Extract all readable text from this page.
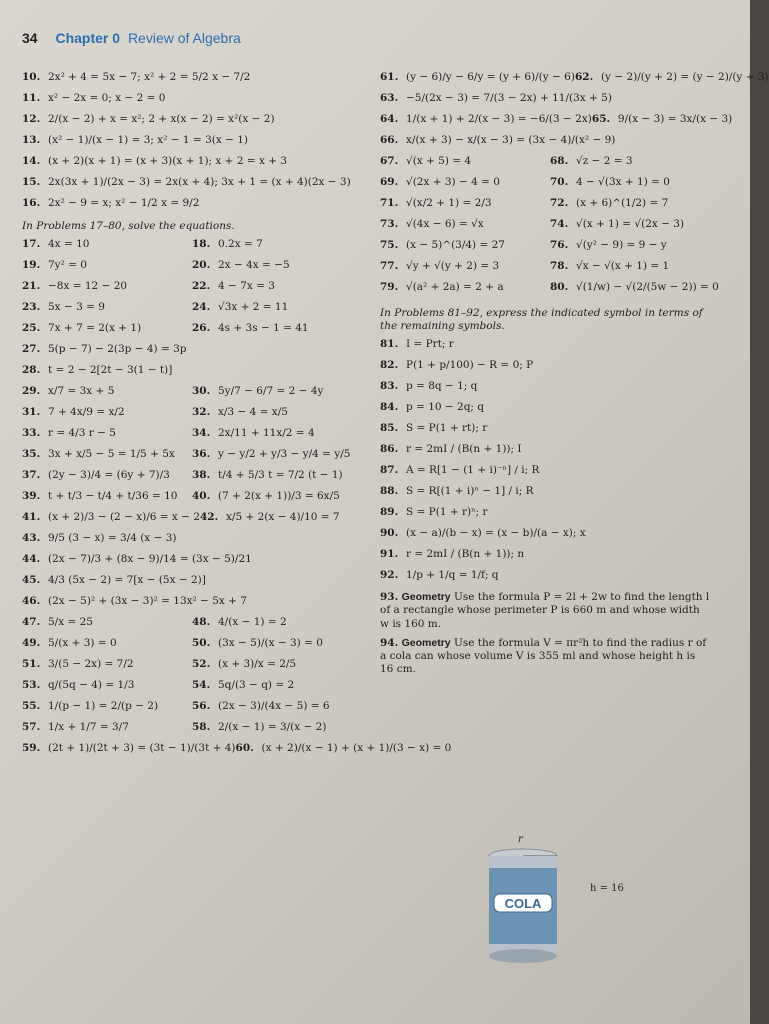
34 Chapter 0 Review of Algebra
10. 2x² + 4 = 5x − 7; x² + 2 = 5/2 x − 7/2
11. x² − 2x = 0; x − 2 = 0
12. 2/(x − 2) + x = x²; 2 + x(x − 2) = x²(x − 2)
13. (x² − 1)/(x − 1) = 3; x² − 1 = 3(x − 1)
14. (x + 2)(x + 1) = (x + 3)(x + 1); x + 2 = x + 3
15. 2x(3x + 1)/(2x − 3) = 2x(x + 4); 3x + 1 = (x + 4)(2x − 3)
16. 2x² − 9 = x; x² − 1/2 x = 9/2
In Problems 17–80, solve the equations.
17. 4x = 10	18. 0.2x = 7
19. 7y² = 0	20. 2x − 4x = −5
21. −8x = 12 − 20	22. 4 − 7x = 3
23. 5x − 3 = 9	24. √3x + 2 = 11
25. 7x + 7 = 2(x + 1)	26. 4s + 3s − 1 = 41
27. 5(p − 7) − 2(3p − 4) = 3p
28. t = 2 − 2[2t − 3(1 − t)]
29. x/7 = 3x + 5	30. 5y/7 − 6/7 = 2 − 4y
31. 7 + 4x/9 = x/2	32. x/3 − 4 = x/5
33. r = 4/3 r − 5	34. 2x/11 + 11x/2 = 4
35. 3x + x/5 − 5 = 1/5 + 5x 36. y − y/2 + y/3 − y/4 = y/5
37. (2y − 3)/4 = (6y + 7)/3 38. t/4 + 5/3 t = 7/2 (t − 1)
39. t + t/3 − t/4 + t/36 = 10 40. (7 + 2(x + 1))/3 = 6x/5
41. (x + 2)/3 − (2 − x)/6 = x − 2 42. x/5 + 2(x − 4)/10 = 7
43. 9/5 (3 − x) = 3/4 (x − 3)
44. (2x − 7)/3 + (8x − 9)/14 = (3x − 5)/21
45. 4/3 (5x − 2) = 7[x − (5x − 2)]
46. (2x − 5)² + (3x − 3)² = 13x² − 5x + 7
47. 5/x = 25	48. 4/(x − 1) = 2
49. 5/(x + 3) = 0	50. (3x − 5)/(x − 3) = 0
51. 3/(5 − 2x) = 7/2	52. (x + 3)/x = 2/5
53. q/(5q − 4) = 1/3	54. 5q/(3 − q) = 2
55. 1/(p − 1) = 2/(p − 2)	56. (2x − 3)/(4x − 5) = 6
57. 1/x + 1/7 = 3/7	58. 2/(x − 1) = 3/(x − 2)
59. (2t + 1)/(2t + 3) = (3t − 1)/(3t + 4) 60. (x + 2)/(x − 1) + (x + 1)/(3 − x) = 0
61. (y − 6)/y − 6/y = (y + 6)/(y − 6) 62. (y − 2)/(y + 2) = (y − 2)/(y + 3)
63. −5/(2x − 3) = 7/(3 − 2x) + 11/(3x + 5)
64. 1/(x + 1) + 2/(x − 3) = −6/(3 − 2x) 65. 9/(x − 3) = 3x/(x − 3)
66. x/(x + 3) − x/(x − 3) = (3x − 4)/(x² − 9)
67. √(x + 5) = 4	68. √z − 2 = 3
69. √(2x + 3) − 4 = 0	70. 4 − √(3x + 1) = 0
71. √(x/2 + 1) = 2/3	72. (x + 6)^(1/2) = 7
73. √(4x − 6) = √x	74. √(x + 1) = √(2x − 3)
75. (x − 5)^(3/4) = 27	76. √(y² − 9) = 9 − y
77. √y + √(y + 2) = 3	78. √x − √(x + 1) = 1
79. √(a² + 2a) = 2 + a	80. √(1/w) − √(2/(5w − 2)) = 0
In Problems 81–92, express the indicated symbol in terms of the remaining symbols.
81. I = Prt; r
82. P(1 + p/100) − R = 0; P
83. p = 8q − 1; q
84. p = 10 − 2q; q
85. S = P(1 + rt); r
86. r = 2mI / (B(n + 1)); I
87. A = R[1 − (1 + i)⁻ⁿ] / i; R
88. S = R[(1 + i)ⁿ − 1] / i; R
89. S = P(1 + r)ⁿ; r
90. (x − a)/(b − x) = (x − b)/(a − x); x
91. r = 2mI / (B(n + 1)); n
92. 1/p + 1/q = 1/f; q
93. Geometry Use the formula P = 2l + 2w to find the length l of a rectangle whose perimeter P is 660 m and whose width w is 160 m.
94. Geometry Use the formula V = πr²h to find the radius r of a cola can whose volume V is 355 ml and whose height h is 16 cm.
r
COLA
h = 16
